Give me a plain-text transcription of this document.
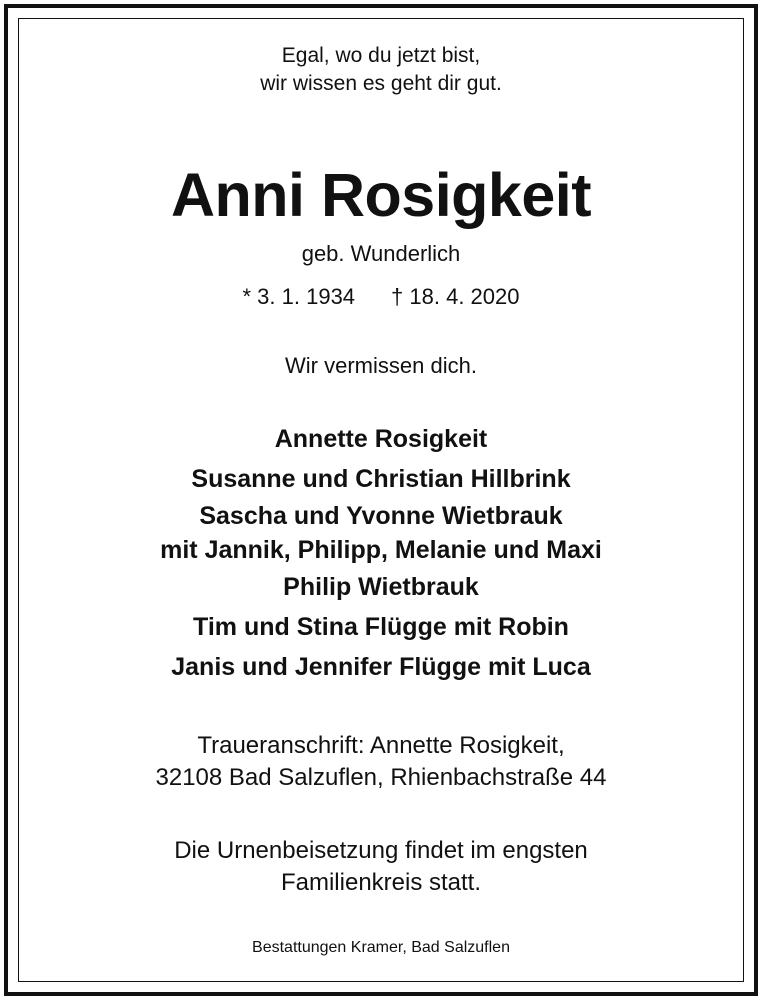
Egal, wo du jetzt bist,
wir wissen es geht dir gut.
Anni Rosigkeit
geb. Wunderlich
* 3. 1. 1934 † 18. 4. 2020
Wir vermissen dich.
Annette Rosigkeit
Susanne und Christian Hillbrink
Sascha und Yvonne Wietbrauk
mit Jannik, Philipp, Melanie und Maxi
Philip Wietbrauk
Tim und Stina Flügge mit Robin
Janis und Jennifer Flügge mit Luca
Traueranschrift: Annette Rosigkeit,
32108 Bad Salzuflen, Rhienbachstraße 44
Die Urnenbeisetzung findet im engsten
Familienkreis statt.
Bestattungen Kramer, Bad Salzuflen
